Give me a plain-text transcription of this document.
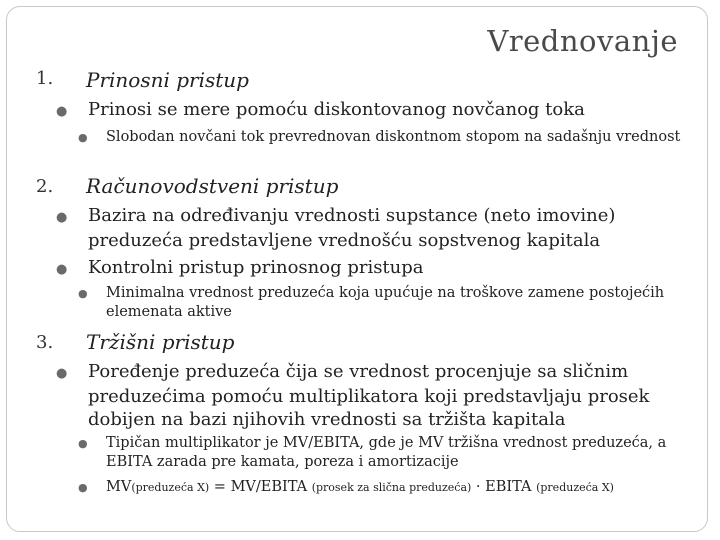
Vrednovanje
1. Prinosni pristup
● Prinosi se mere pomoću diskontovanog novčanog toka
● Slobodan novčani tok prevrednovan diskontnom stopom na sadašnju vrednost
2. Računovodstveni pristup
● Bazira na određivanju vrednosti supstance (neto imovine) preduzeća predstavljene vrednošću sopstvenog kapitala
● Kontrolni pristup prinosnog pristupa
● Minimalna vrednost preduzeća koja upućuje na troškove zamene postojećih elemenata aktive
3. Tržišni pristup
● Poređenje preduzeća čija se vrednost procenjuje sa sličnim preduzećima pomoću multiplikatora koji predstavljaju prosek dobijen na bazi njihovih vrednosti sa tržišta kapitala
● Tipičan multiplikator je MV/EBITA, gde je MV tržišna vrednost preduzeća, a EBITA zarada pre kamata, poreza i amortizacije
● MV(preduzeća X) = MV/EBITA (prosek za slična preduzeća) · EBITA (preduzeća X)
